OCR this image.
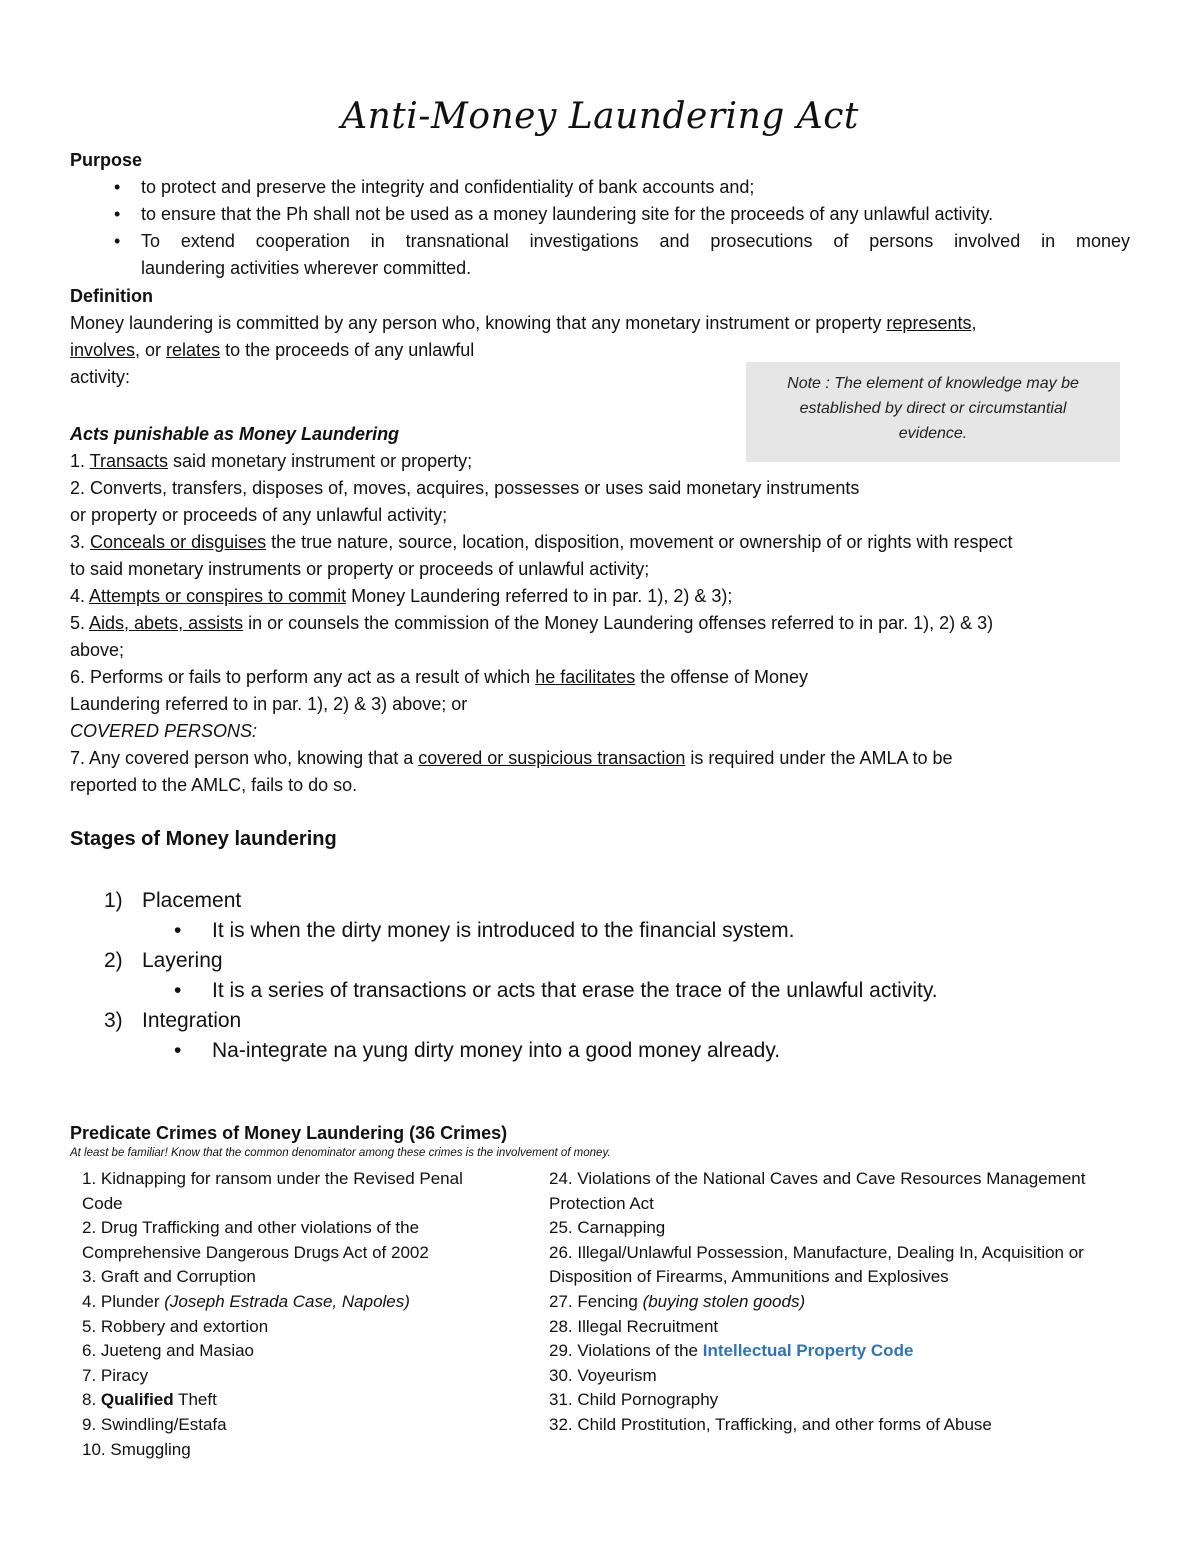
Anti-Money Laundering Act
Purpose
• to protect and preserve the integrity and confidentiality of bank accounts and;
• to ensure that the Ph shall not be used as a money laundering site for the proceeds of any unlawful activity.
• To extend cooperation in transnational investigations and prosecutions of persons involved in money
laundering activities wherever committed.
Definition
Money laundering is committed by any person who, knowing that any monetary instrument or property represents,
involves, or relates to the proceeds of any unlawful
activity:	Note : The element of knowledge may be
established by direct or circumstantial
evidence.
Acts punishable as Money Laundering
1. Transacts said monetary instrument or property;
2. Converts, transfers, disposes of, moves, acquires, possesses or uses said monetary instruments
or property or proceeds of any unlawful activity;
3. Conceals or disguises the true nature, source, location, disposition, movement or ownership of or rights with respect
to said monetary instruments or property or proceeds of unlawful activity;
4. Attempts or conspires to commit Money Laundering referred to in par. 1), 2) & 3);
5. Aids, abets, assists in or counsels the commission of the Money Laundering offenses referred to in par. 1), 2) & 3)
above;
6. Performs or fails to perform any act as a result of which he facilitates the offense of Money
Laundering referred to in par. 1), 2) & 3) above; or
COVERED PERSONS:
7. Any covered person who, knowing that a covered or suspicious transaction is required under the AMLA to be
reported to the AMLC, fails to do so.
Stages of Money laundering
1) Placement
• It is when the dirty money is introduced to the financial system.
2) Layering
• It is a series of transactions or acts that erase the trace of the unlawful activity.
3) Integration
• Na-integrate na yung dirty money into a good money already.
Predicate Crimes of Money Laundering (36 Crimes)
At least be familiar! Know that the common denominator among these crimes is the involvement of money.
1. Kidnapping for ransom under the Revised Penal
Code
2. Drug Trafficking and other violations of the
Comprehensive Dangerous Drugs Act of 2002
3. Graft and Corruption
4. Plunder (Joseph Estrada Case, Napoles)
5. Robbery and extortion
6. Jueteng and Masiao
7. Piracy
8. Qualified Theft
9. Swindling/Estafa
10. Smuggling
24. Violations of the National Caves and Cave Resources Management
Protection Act
25. Carnapping
26. Illegal/Unlawful Possession, Manufacture, Dealing In, Acquisition or
Disposition of Firearms, Ammunitions and Explosives
27. Fencing (buying stolen goods)
28. Illegal Recruitment
29. Violations of the Intellectual Property Code
30. Voyeurism
31. Child Pornography
32. Child Prostitution, Trafficking, and other forms of Abuse
